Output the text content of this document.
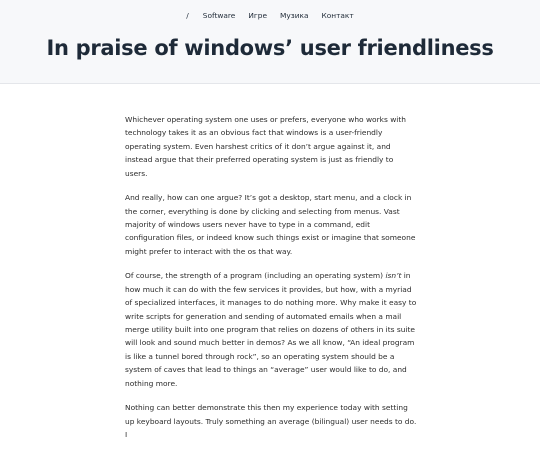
/ Software Игре Музика Контакт
In praise of windows’ user friendliness

Whichever operating system one uses or prefers, everyone who works with technology takes it as an obvious fact that windows is a user-friendly operating system. Even harshest critics of it don’t argue against it, and instead argue that their preferred operating system is just as friendly to users.

And really, how can one argue? It’s got a desktop, start menu, and a clock in the corner, everything is done by clicking and selecting from menus. Vast majority of windows users never have to type in a command, edit configuration files, or indeed know such things exist or imagine that someone might prefer to interact with the os that way.

Of course, the strength of a program (including an operating system) isn’t in how much it can do with the few services it provides, but how, with a myriad of specialized interfaces, it manages to do nothing more. Why make it easy to write scripts for generation and sending of automated emails when a mail merge utility built into one program that relies on dozens of others in its suite will look and sound much better in demos? As we all know, “An ideal program is like a tunnel bored through rock”, so an operating system should be a system of caves that lead to things an “average” user would like to do, and nothing more.

Nothing can better demonstrate this then my experience today with setting up keyboard layouts. Truly something an average (bilingual) user needs to do. I
